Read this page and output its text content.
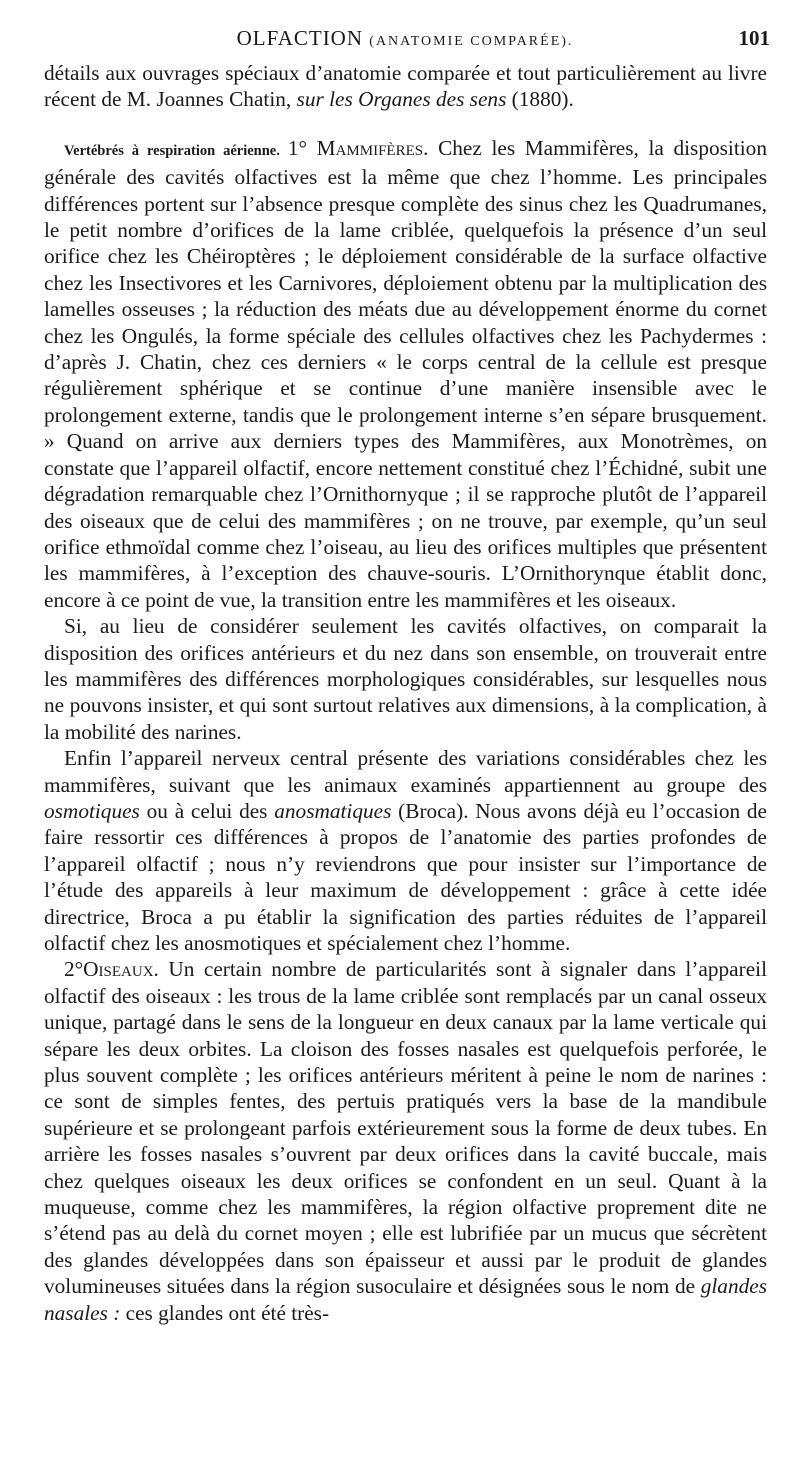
OLFACTION (ANATOMIE COMPARÉE).	101

détails aux ouvrages spéciaux d’anatomie comparée et tout particulièrement au livre récent de M. Joannes Chatin, sur les Organes des sens (1880).

Vertébrés à respiration aérienne. 1° Mammifères. Chez les Mammifères, la disposition générale des cavités olfactives est la même que chez l’homme. Les principales différences portent sur l’absence presque complète des sinus chez les Quadrumanes, le petit nombre d’orifices de la lame criblée, quelquefois la présence d’un seul orifice chez les Chéiroptères ; le déploiement considérable de la surface olfactive chez les Insectivores et les Carnivores, déploiement obtenu par la multiplication des lamelles osseuses ; la réduction des méats due au développement énorme du cornet chez les Ongulés, la forme spéciale des cellules olfactives chez les Pachydermes : d’après J. Chatin, chez ces derniers « le corps central de la cellule est presque régulièrement sphérique et se continue d’une manière insensible avec le prolongement externe, tandis que le prolongement interne s’en sépare brusquement. » Quand on arrive aux derniers types des Mammifères, aux Monotrèmes, on constate que l’appareil olfactif, encore nettement constitué chez l’Échidné, subit une dégradation remarquable chez l’Ornithornyque ; il se rapproche plutôt de l’appareil des oiseaux que de celui des mammifères ; on ne trouve, par exemple, qu’un seul orifice ethmoïdal comme chez l’oiseau, au lieu des orifices multiples que présentent les mammifères, à l’exception des chauve-souris. L’Ornithorynque établit donc, encore à ce point de vue, la transition entre les mammifères et les oiseaux.

Si, au lieu de considérer seulement les cavités olfactives, on comparait la disposition des orifices antérieurs et du nez dans son ensemble, on trouverait entre les mammifères des différences morphologiques considérables, sur lesquelles nous ne pouvons insister, et qui sont surtout relatives aux dimensions, à la complication, à la mobilité des narines.

Enfin l’appareil nerveux central présente des variations considérables chez les mammifères, suivant que les animaux examinés appartiennent au groupe des osmotiques ou à celui des anosmatiques (Broca). Nous avons déjà eu l’occasion de faire ressortir ces différences à propos de l’anatomie des parties profondes de l’appareil olfactif ; nous n’y reviendrons que pour insister sur l’importance de l’étude des appareils à leur maximum de développement : grâce à cette idée directrice, Broca a pu établir la signification des parties réduites de l’appareil olfactif chez les anosmotiques et spécialement chez l’homme.

2°Oiseaux. Un certain nombre de particularités sont à signaler dans l’appareil olfactif des oiseaux : les trous de la lame criblée sont remplacés par un canal osseux unique, partagé dans le sens de la longueur en deux canaux par la lame verticale qui sépare les deux orbites. La cloison des fosses nasales est quelquefois perforée, le plus souvent complète ; les orifices antérieurs méritent à peine le nom de narines : ce sont de simples fentes, des pertuis pratiqués vers la base de la mandibule supérieure et se prolongeant parfois extérieurement sous la forme de deux tubes. En arrière les fosses nasales s’ouvrent par deux orifices dans la cavité buccale, mais chez quelques oiseaux les deux orifices se confondent en un seul. Quant à la muqueuse, comme chez les mammifères, la région olfactive proprement dite ne s’étend pas au delà du cornet moyen ; elle est lubrifiée par un mucus que sécrètent des glandes développées dans son épaisseur et aussi par le produit de glandes volumineuses situées dans la région susoculaire et désignées sous le nom de glandes nasales : ces glandes ont été très-
